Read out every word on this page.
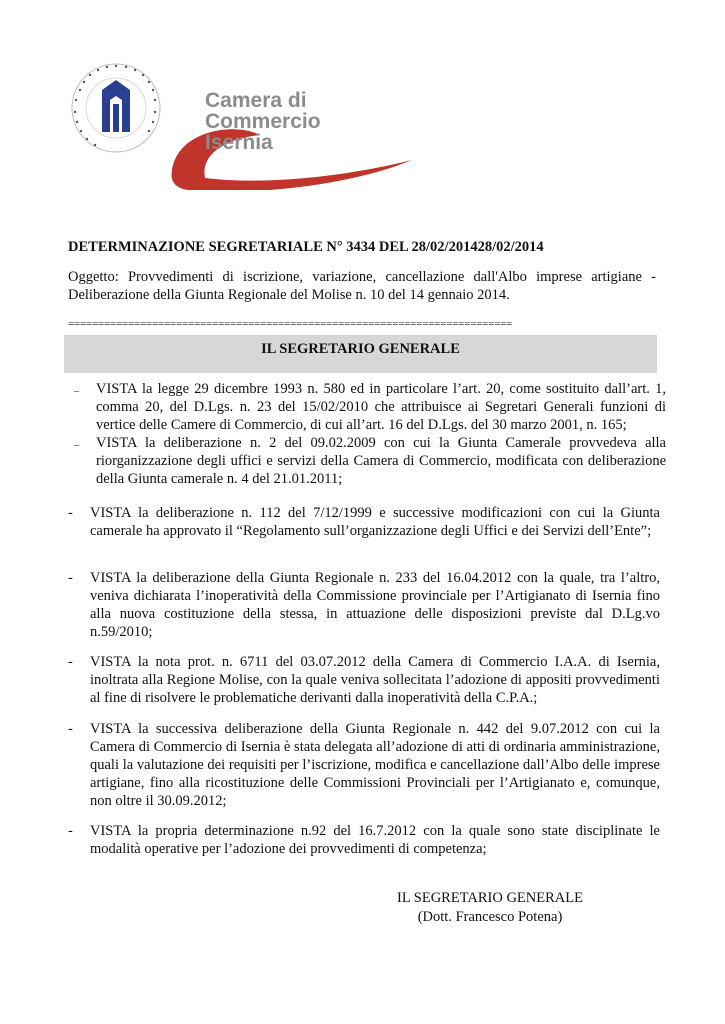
Camera di Commercio
Isernia
DETERMINAZIONE SEGRETARIALE N° 3434 DEL 28/02/201428/02/2014
Oggetto: Provvedimenti di iscrizione, variazione, cancellazione dall'Albo imprese artigiane - Deliberazione della Giunta Regionale del Molise n. 10 del 14 gennaio 2014.
==========================================================================
IL SEGRETARIO GENERALE
– VISTA la legge 29 dicembre 1993 n. 580 ed in particolare l’art. 20, come sostituito dall’art. 1, comma 20, del D.Lgs. n. 23 del 15/02/2010 che attribuisce ai Segretari Generali funzioni di vertice delle Camere di Commercio, di cui all’art. 16 del D.Lgs. del 30 marzo 2001, n. 165;
– VISTA la deliberazione n. 2 del 09.02.2009 con cui la Giunta Camerale provvedeva alla riorganizzazione degli uffici e servizi della Camera di Commercio, modificata con deliberazione della Giunta camerale n. 4 del 21.01.2011;
- VISTA la deliberazione n. 112 del 7/12/1999 e successive modificazioni con cui la Giunta camerale ha approvato il “Regolamento sull’organizzazione degli Uffici e dei Servizi dell’Ente”;
- VISTA la deliberazione della Giunta Regionale n. 233 del 16.04.2012 con la quale, tra l’altro, veniva dichiarata l’inoperatività della Commissione provinciale per l’Artigianato di Isernia fino alla nuova costituzione della stessa, in attuazione delle disposizioni previste dal D.Lg.vo n.59/2010;
- VISTA la nota prot. n. 6711 del 03.07.2012 della Camera di Commercio I.A.A. di Isernia, inoltrata alla Regione Molise, con la quale veniva sollecitata l’adozione di appositi provvedimenti al fine di risolvere le problematiche derivanti dalla inoperatività della C.P.A.;
- VISTA la successiva deliberazione della Giunta Regionale n. 442 del 9.07.2012 con cui la Camera di Commercio di Isernia è stata delegata all’adozione di atti di ordinaria amministrazione, quali la valutazione dei requisiti per l’iscrizione, modifica e cancellazione dall’Albo delle imprese artigiane, fino alla ricostituzione delle Commissioni Provinciali per l’Artigianato e, comunque, non oltre il 30.09.2012;
- VISTA la propria determinazione n.92 del 16.7.2012 con la quale sono state disciplinate le modalità operative per l’adozione dei provvedimenti di competenza;
IL SEGRETARIO GENERALE
(Dott. Francesco Potena)
